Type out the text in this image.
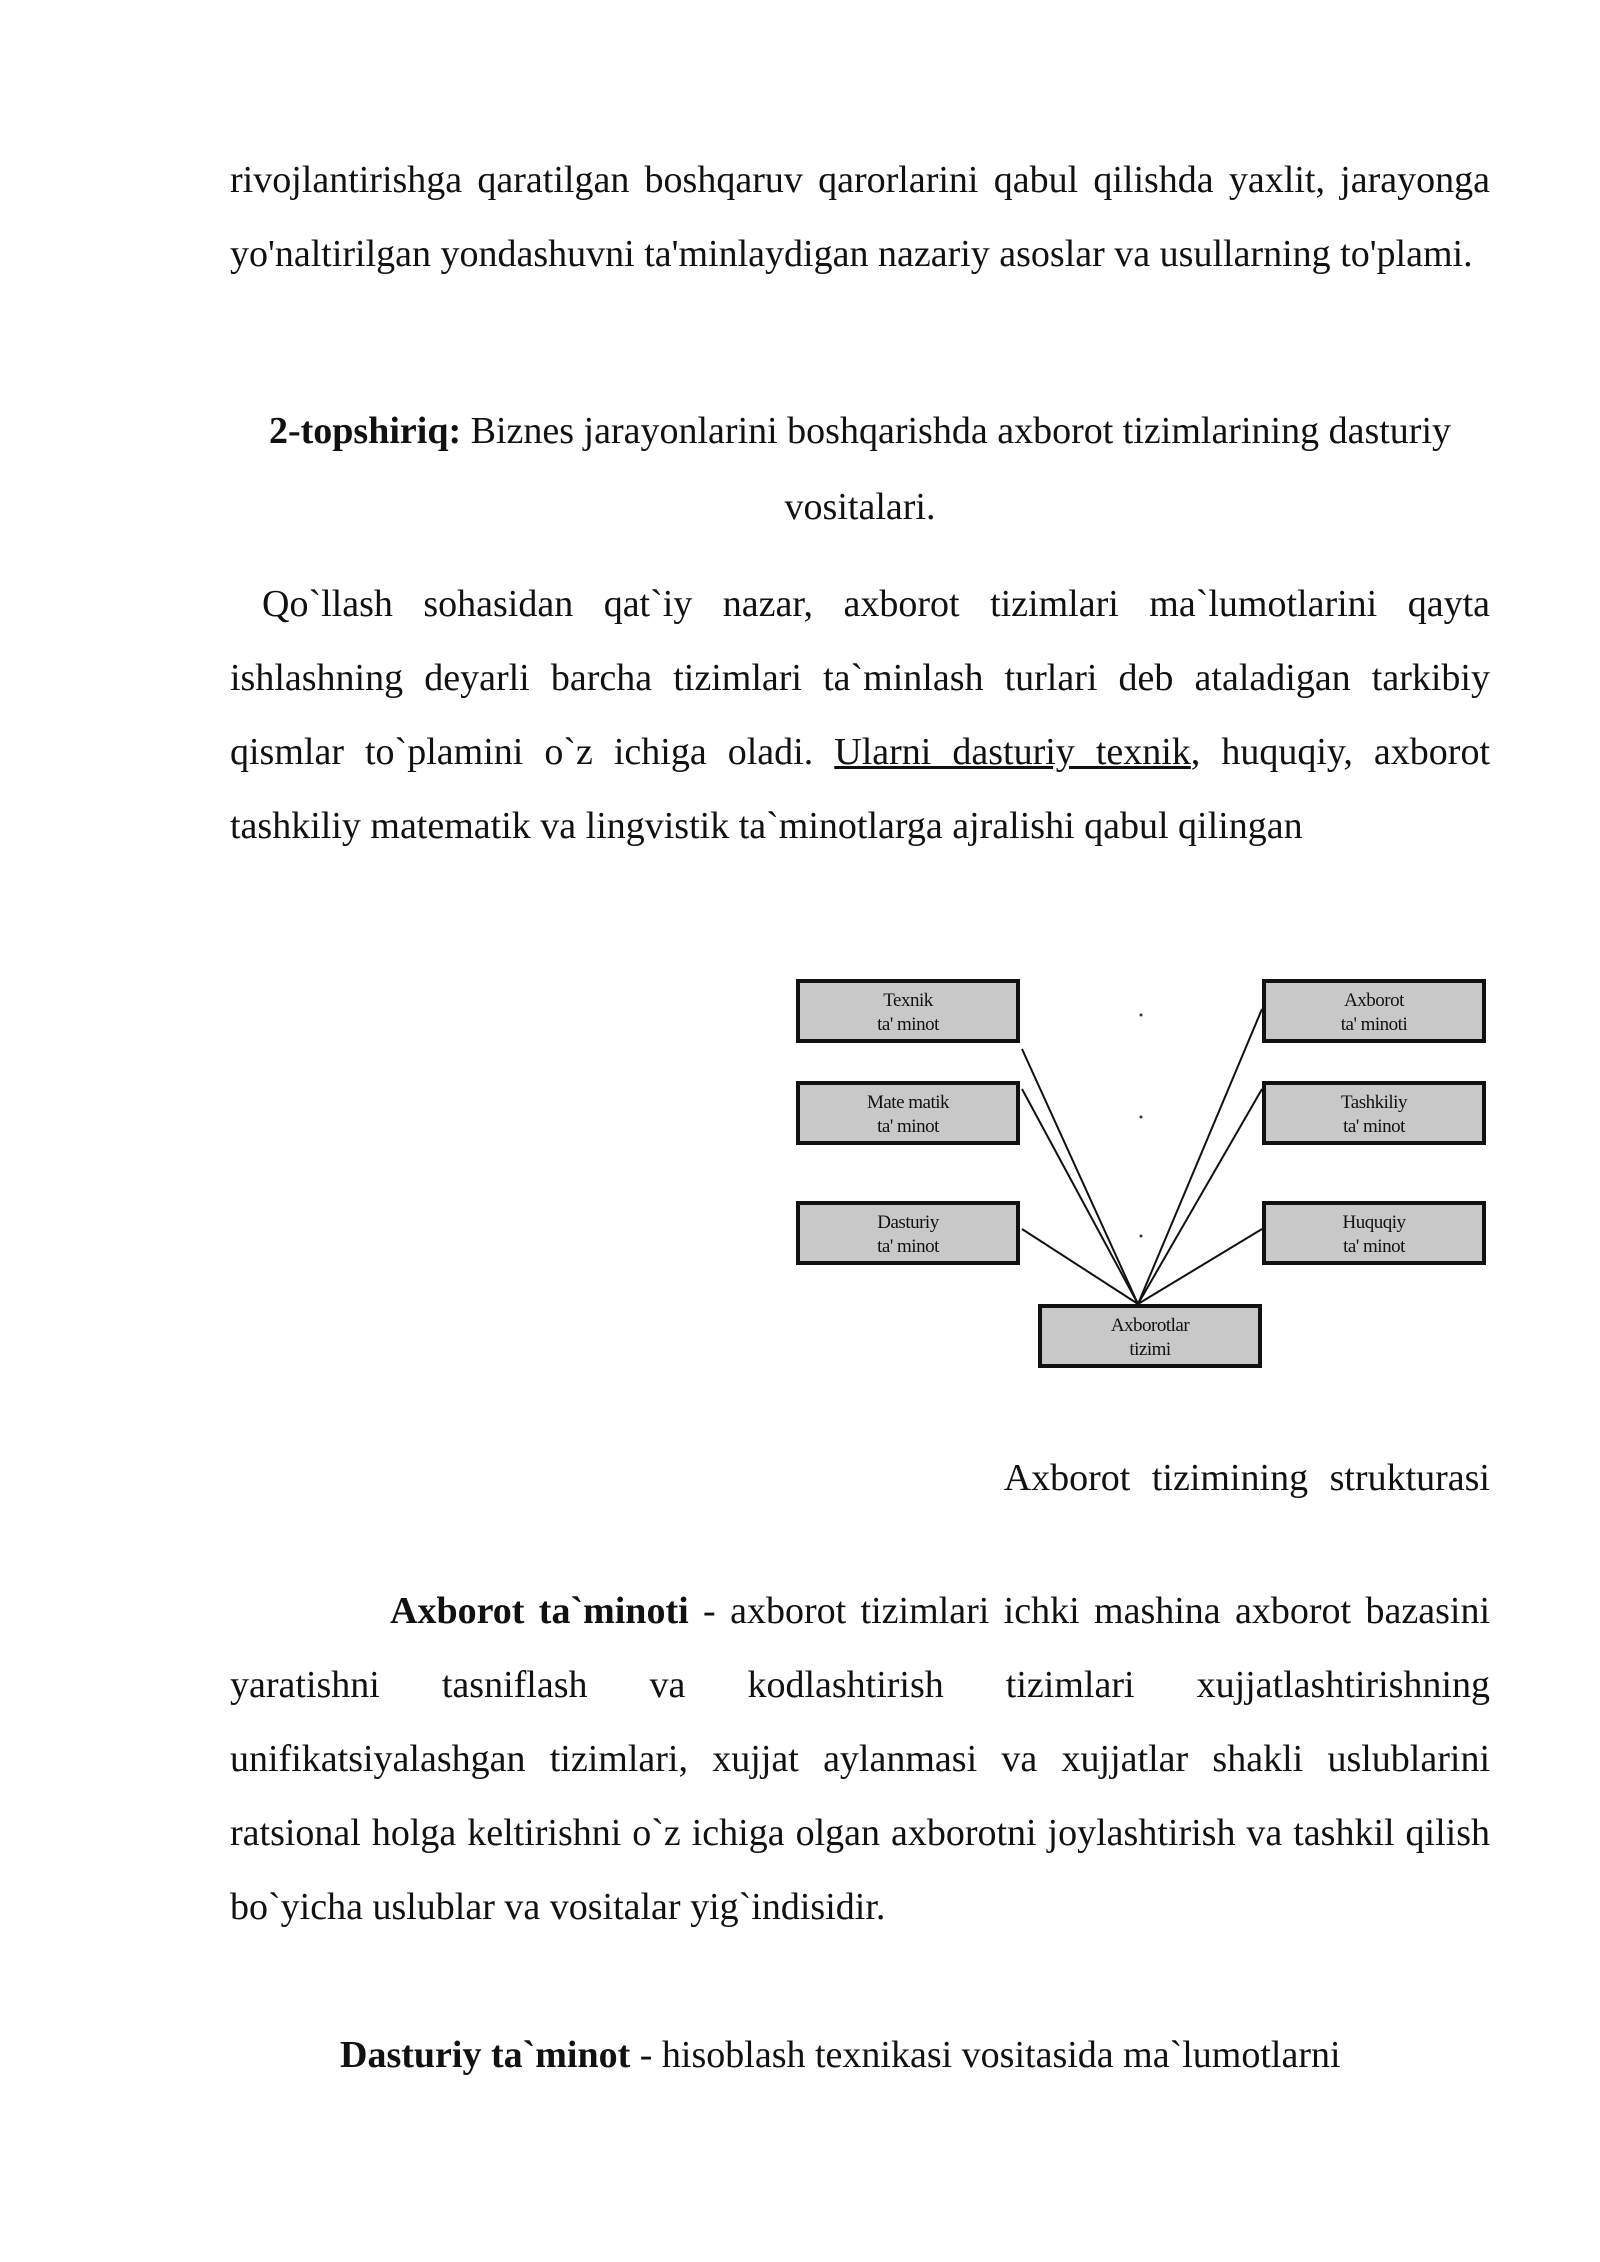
rivojlantirishga qaratilgan boshqaruv qarorlarini qabul qilishda yaxlit, jarayonga yo'naltirilgan yondashuvni ta'minlaydigan nazariy asoslar va usullarning to'plami.
2-topshiriq: Biznes jarayonlarini boshqarishda axborot tizimlarining dasturiy vositalari.
Qo`llash sohasidan qat`iy nazar, axborot tizimlari ma`lumotlarini qayta ishlashning deyarli barcha tizimlari ta`minlash turlari deb ataladigan tarkibiy qismlar to`plamini o`z ichiga oladi. Ularni dasturiy texnik, huquqiy, axborot tashkiliy matematik va lingvistik ta`minotlarga ajralishi qabul qilingan
Texnik
ta' minot
Mate matik
ta' minot
Dasturiy
ta' minot
Axborot
ta' minoti
Tashkiliy
ta' minot
Huquqiy
ta' minot
Axborotlar
tizimi
Axborot tizimining strukturasi
Axborot ta`minoti - axborot tizimlari ichki mashina axborot bazasini yaratishni tasniflash va kodlashtirish tizimlari xujjatlashtirishning unifikatsiyalashgan tizimlari, xujjat aylanmasi va xujjatlar shakli uslublarini ratsional holga keltirishni o`z ichiga olgan axborotni joylashtirish va tashkil qilish bo`yicha uslublar va vositalar yig`indisidir.
Dasturiy ta`minot - hisoblash texnikasi vositasida ma`lumotlarni
